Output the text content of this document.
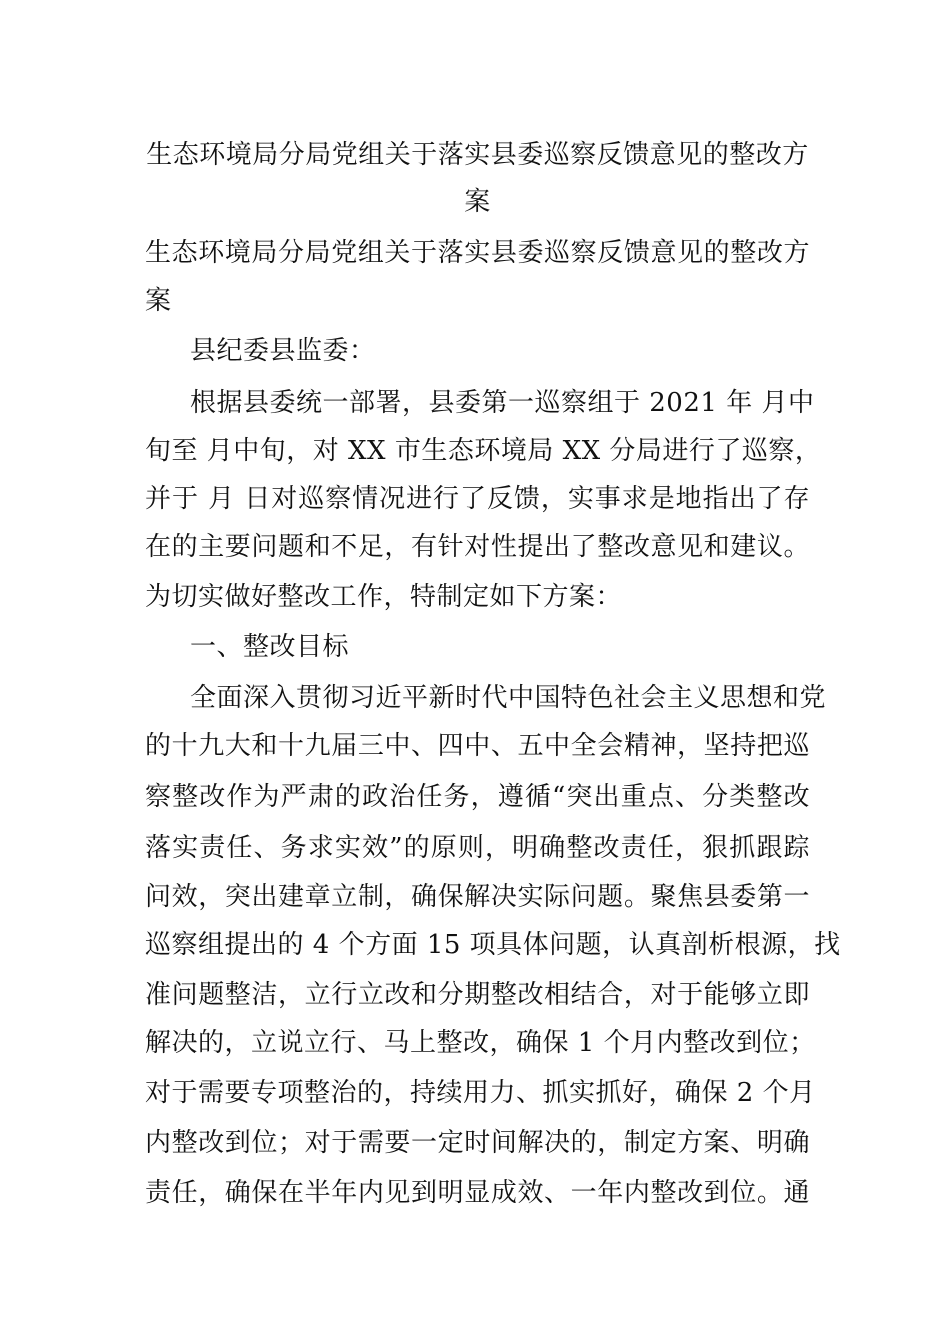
生态环境局分局党组关于落实县委巡察反馈意见的整改方
案
生态环境局分局党组关于落实县委巡察反馈意见的整改方
案
县纪委县监委：
根据县委统一部署，县委第一巡察组于 2021 年 月中
旬至 月中旬，对 XX 市生态环境局 XX 分局进行了巡察，
并于 月 日对巡察情况进行了反馈，实事求是地指出了存
在的主要问题和不足，有针对性提出了整改意见和建议。
为切实做好整改工作，特制定如下方案：
一、整改目标
全面深入贯彻习近平新时代中国特色社会主义思想和党
的十九大和十九届三中、四中、五中全会精神，坚持把巡
察整改作为严肃的政治任务，遵循“突出重点、分类整改
落实责任、务求实效”的原则，明确整改责任，狠抓跟踪
问效，突出建章立制，确保解决实际问题。聚焦县委第一
巡察组提出的 4 个方面 15 项具体问题，认真剖析根源，找
准问题整洁，立行立改和分期整改相结合，对于能够立即
解决的，立说立行、马上整改，确保 1 个月内整改到位；
对于需要专项整治的，持续用力、抓实抓好，确保 2 个月
内整改到位；对于需要一定时间解决的，制定方案、明确
责任，确保在半年内见到明显成效、一年内整改到位。通
